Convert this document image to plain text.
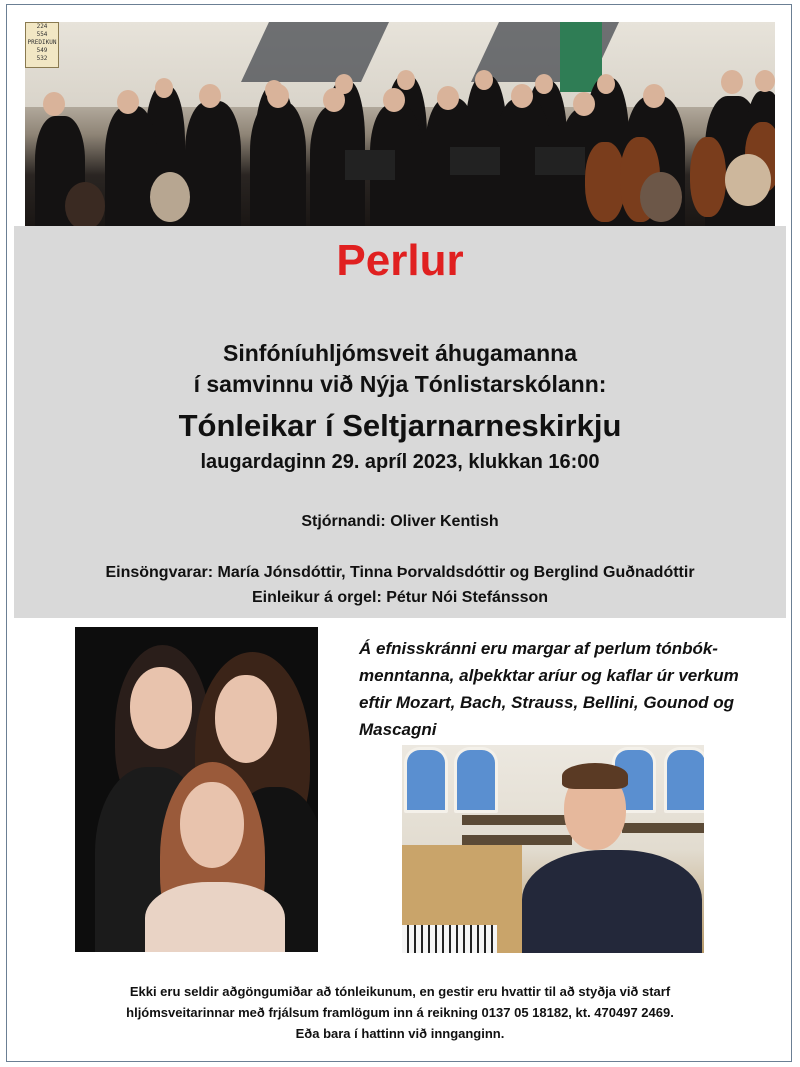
224
554
PREDIKUN
549
532
Perlur

Sinfóníuhljómsveit áhugamanna

í samvinnu við Nýja Tónlistarskólann:

Tónleikar í Seltjarnarneskirkju

laugardaginn 29. apríl 2023, klukkan 16:00

Stjórnandi: Oliver Kentish

Einsöngvarar: María Jónsdóttir, Tinna Þorvaldsdóttir og Berglind Guðnadóttir

Einleikur á orgel: Pétur Nói Stefánsson

Á efnisskránni eru margar af perlum tónbók-menntanna, alþekktar aríur og kaflar úr verkum eftir Mozart, Bach, Strauss, Bellini, Gounod og Mascagni

Ekki eru seldir aðgöngumiðar að tónleikunum, en gestir eru hvattir til að styðja við starf

hljómsveitarinnar með frjálsum framlögum inn á reikning 0137 05 18182, kt. 470497 2469.

Eða bara í hattinn við innganginn.
